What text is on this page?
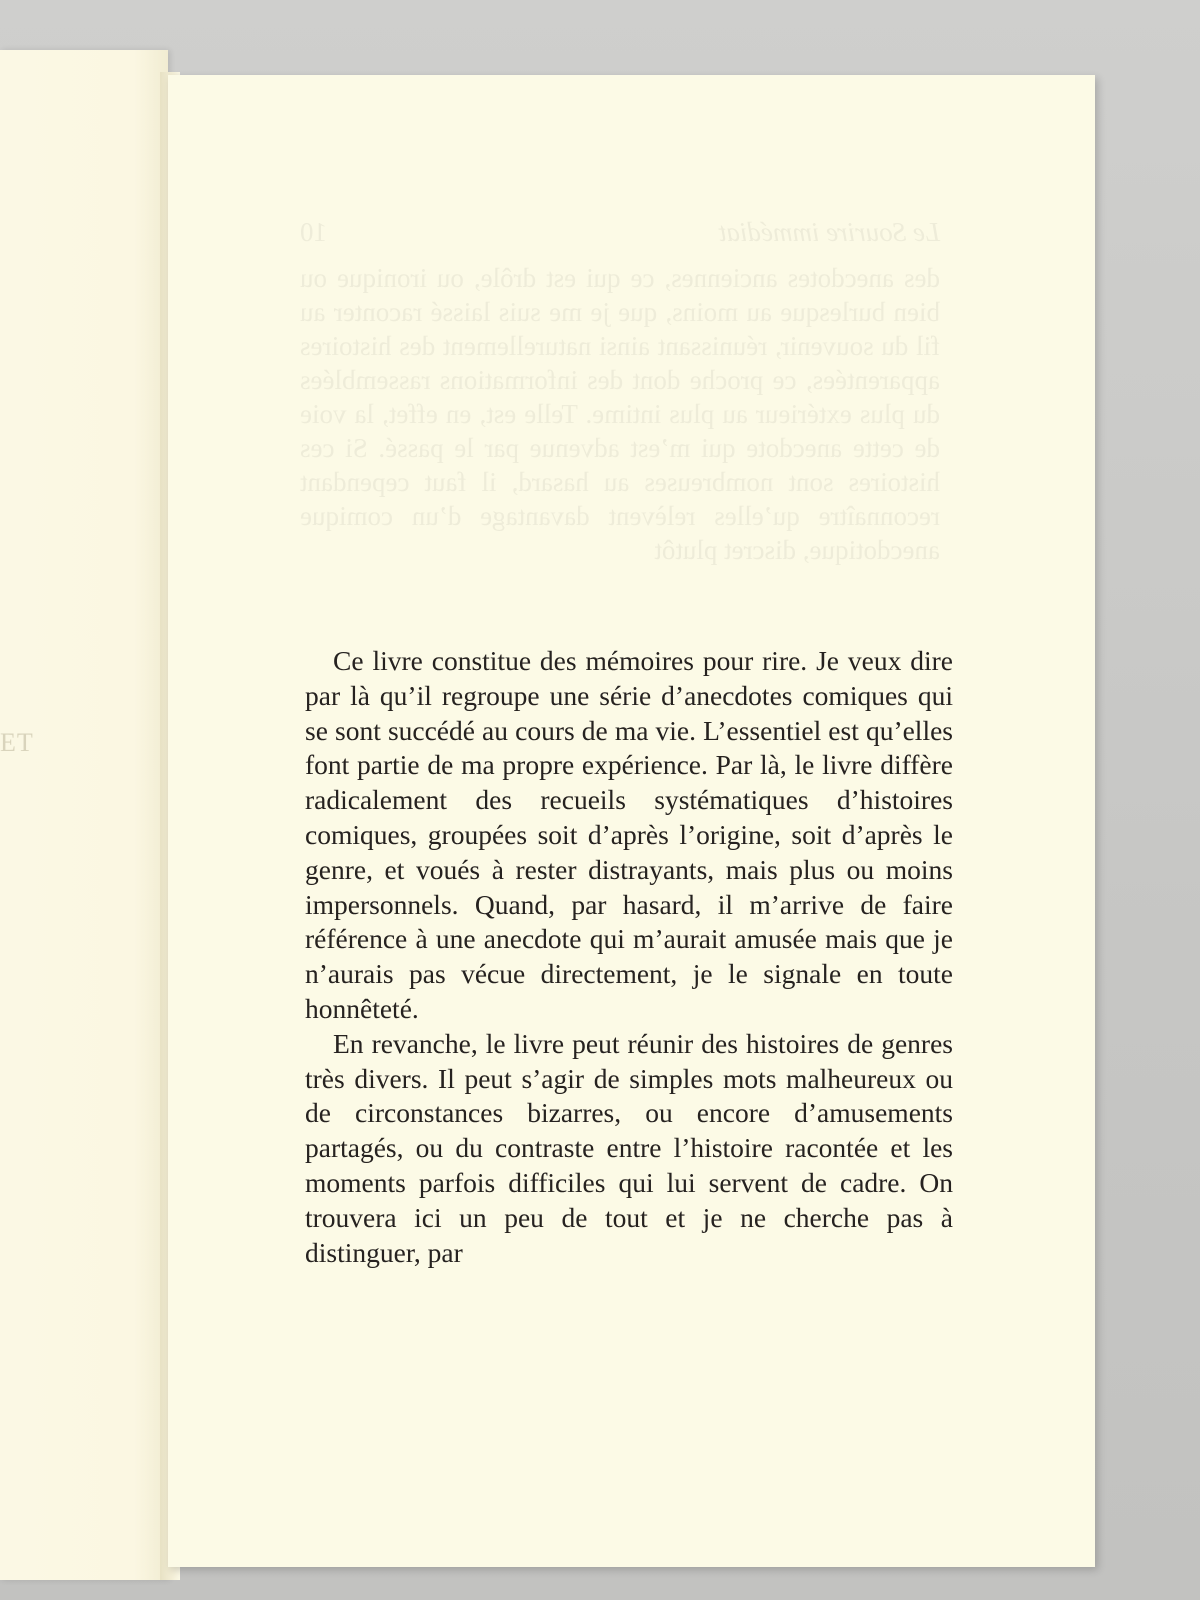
ET
Le Sourire immédiat
10
des anecdotes anciennes, ce qui est drôle, ou ironique ou bien burlesque au moins, que je me suis laissé raconter au fil du souvenir, réunissant ainsi naturellement des histoires apparentées, ce proche dont des informations rassemblées du plus extérieur au plus intime. Telle est, en effet, la voie de cette anecdote qui m’est advenue par le passé. Si ces histoires sont nombreuses au hasard, il faut cependant reconnaître qu’elles relèvent davantage d’un comique anecdotique, discret plutôt

Ce livre constitue des mémoires pour rire. Je veux dire par là qu’il regroupe une série d’anecdotes comiques qui se sont succédé au cours de ma vie. L’essentiel est qu’elles font partie de ma propre expérience. Par là, le livre diffère radicalement des recueils systématiques d’histoires comiques, groupées soit d’après l’origine, soit d’après le genre, et voués à rester distrayants, mais plus ou moins impersonnels. Quand, par hasard, il m’arrive de faire référence à une anecdote qui m’aurait amusée mais que je n’aurais pas vécue directement, je le signale en toute honnêteté.

En revanche, le livre peut réunir des histoires de genres très divers. Il peut s’agir de simples mots malheureux ou de circonstances bizarres, ou encore d’amusements partagés, ou du contraste entre l’histoire racontée et les moments parfois difficiles qui lui servent de cadre. On trouvera ici un peu de tout et je ne cherche pas à distinguer, par
